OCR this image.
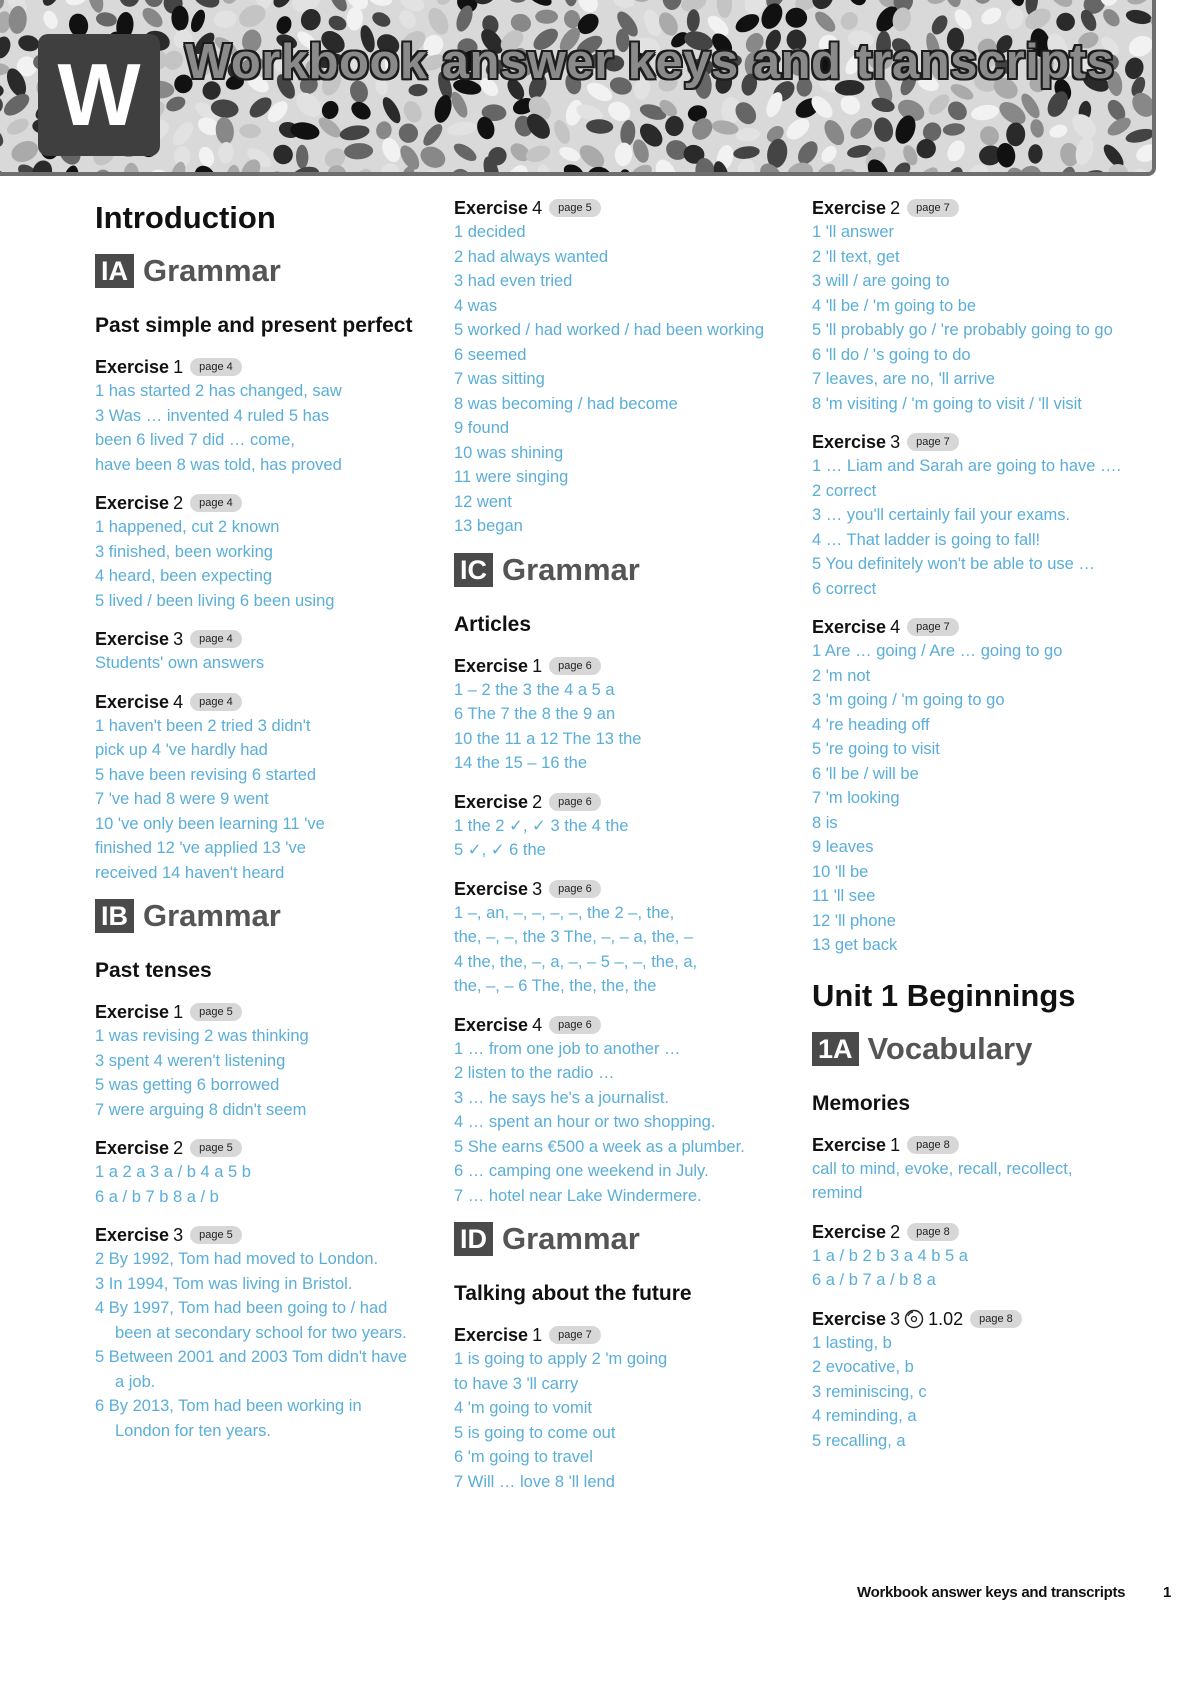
W Workbook answer keys and transcripts
Introduction
IA Grammar
Past simple and present perfect
Exercise 1	page 4

1 has started 2 has changed, saw

3 Was … invented 4 ruled 5 has

been 6 lived 7 did … come,

have been 8 was told, has proved

Exercise 2	page 4

1 happened, cut 2 known

3 finished, been working

4 heard, been expecting

5 lived / been living 6 been using

Exercise 3	page 4

Students' own answers

Exercise 4	page 4

1 haven't been 2 tried 3 didn't

pick up 4 've hardly had

5 have been revising 6 started

7 've had 8 were 9 went

10 've only been learning 11 've

finished 12 've applied 13 've

received 14 haven't heard

IB Grammar
Past tenses
Exercise 1	page 5

1 was revising 2 was thinking

3 spent 4 weren't listening

5 was getting 6 borrowed

7 were arguing 8 didn't seem

Exercise 2	page 5

1 a 2 a 3 a / b 4 a 5 b

6 a / b 7 b 8 a / b

Exercise 3	page 5

2 By 1992, Tom had moved to London.

3 In 1994, Tom was living in Bristol.

4 By 1997, Tom had been going to / had been at secondary school for two years.

5 Between 2001 and 2003 Tom didn't have a job.

6 By 2013, Tom had been working in London for ten years.

Exercise 4	page 5

1 decided

2 had always wanted

3 had even tried

4 was

5 worked / had worked / had been working

6 seemed

7 was sitting

8 was becoming / had become

9 found

10 was shining

11 were singing

12 went

13 began

IC Grammar
Articles
Exercise 1	page 6

1 – 2 the 3 the 4 a 5 a

6 The 7 the 8 the 9 an

10 the 11 a 12 The 13 the

14 the 15 – 16 the

Exercise 2	page 6

1 the 2 ✓, ✓ 3 the 4 the

5 ✓, ✓ 6 the

Exercise 3	page 6

1 –, an, –, –, –, –, the 2 –, the,

the, –, –, the 3 The, –, – a, the, –

4 the, the, –, a, –, – 5 –, –, the, a,

the, –, – 6 The, the, the, the

Exercise 4	page 6

1 … from one job to another …

2 listen to the radio …

3 … he says he's a journalist.

4 … spent an hour or two shopping.

5 She earns €500 a week as a plumber.

6 … camping one weekend in July.

7 … hotel near Lake Windermere.

ID Grammar
Talking about the future
Exercise 1	page 7

1 is going to apply 2 'm going

to have 3 'll carry

4 'm going to vomit

5 is going to come out

6 'm going to travel

7 Will … love 8 'll lend

Exercise 2	page 7

1 'll answer

2 'll text, get

3 will / are going to

4 'll be / 'm going to be

5 'll probably go / 're probably going to go

6 'll do / 's going to do

7 leaves, are no, 'll arrive

8 'm visiting / 'm going to visit / 'll visit

Exercise 3	page 7

1 … Liam and Sarah are going to have ….

2 correct

3 … you'll certainly fail your exams.

4 … That ladder is going to fall!

5 You definitely won't be able to use …

6 correct

Exercise 4	page 7

1 Are … going / Are … going to go

2 'm not

3 'm going / 'm going to go

4 're heading off

5 're going to visit

6 'll be / will be

7 'm looking

8 is

9 leaves

10 'll be

11 'll see

12 'll phone

13 get back

Unit 1 Beginnings
1A Vocabulary
Memories
Exercise 1	page 8

call to mind, evoke, recall, recollect,

remind

Exercise 2	page 8

1 a / b 2 b 3 a 4 b 5 a

6 a / b 7 a / b 8 a

Exercise 3 1.02	page 8

1 lasting, b

2 evocative, b

3 reminiscing, c

4 reminding, a

5 recalling, a

Workbook answer keys and transcripts	1
